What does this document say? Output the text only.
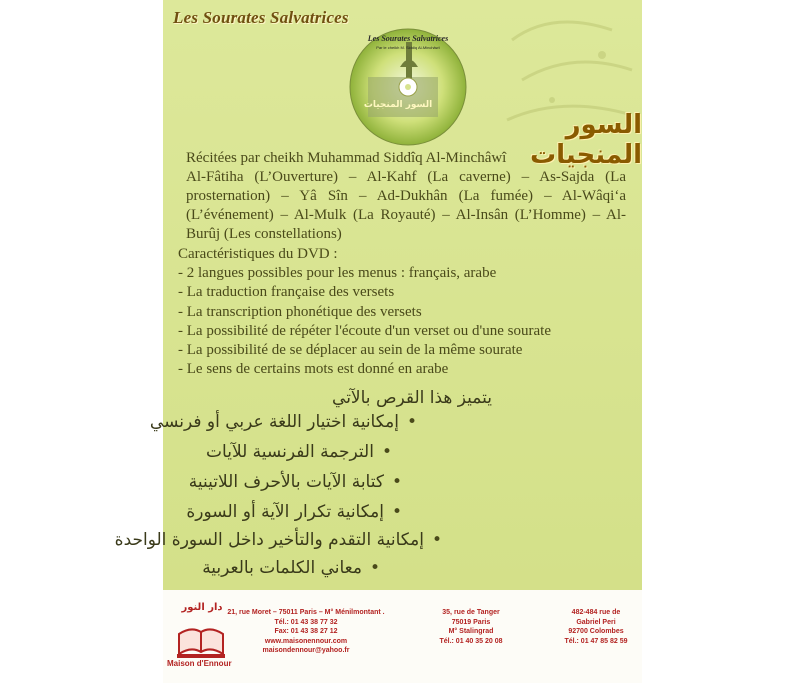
Les Sourates Salvatrices
Les Sourates Salvatrices
Par le cheikh M. Siddiq Al-Minchâwî
السور المنجيات
السور المنجيات
Récitées par cheikh Muhammad Siddîq Al-Minchâwî
Al-Fâtiha (L’Ouverture) – Al-Kahf (La caverne) – As-Sajda (La prosternation) – Yâ Sîn – Ad-Dukhân (La fumée) – Al-Wâqi‘a (L’événement) – Al-Mulk (La Royauté) – Al-Insân (L’Homme) – Al-Burûj (Les constellations)
Caractéristiques du DVD :
- 2 langues possibles pour les menus : français, arabe
- La traduction française des versets
- La transcription phonétique des versets
- La possibilité de répéter l'écoute d'un verset ou d'une sourate
- La possibilité de se déplacer au sein de la même sourate
- Le sens de certains mots est donné en arabe
يتميز هذا القرص بالآتي
•إمكانية اختيار اللغة عربي أو فرنسي
•الترجمة الفرنسية للآيات
•كتابة الآيات بالأحرف اللاتينية
•إمكانية تكرار الآية أو السورة
•إمكانية التقدم والتأخير داخل السورة الواحدة
•معاني الكلمات بالعربية
دار النور
Maison d'Ennour
21, rue Moret – 75011 Paris – M° Ménilmontant .
Tél.: 01 43 38 77 32
Fax: 01 43 38 27 12
www.maisonennour.com
maisondennour@yahoo.fr
35, rue de Tanger
75019 Paris
M° Stalingrad
Tél.: 01 40 35 20 08
482-484 rue de
Gabriel Peri
92700 Colombes
Tél.: 01 47 85 82 59
